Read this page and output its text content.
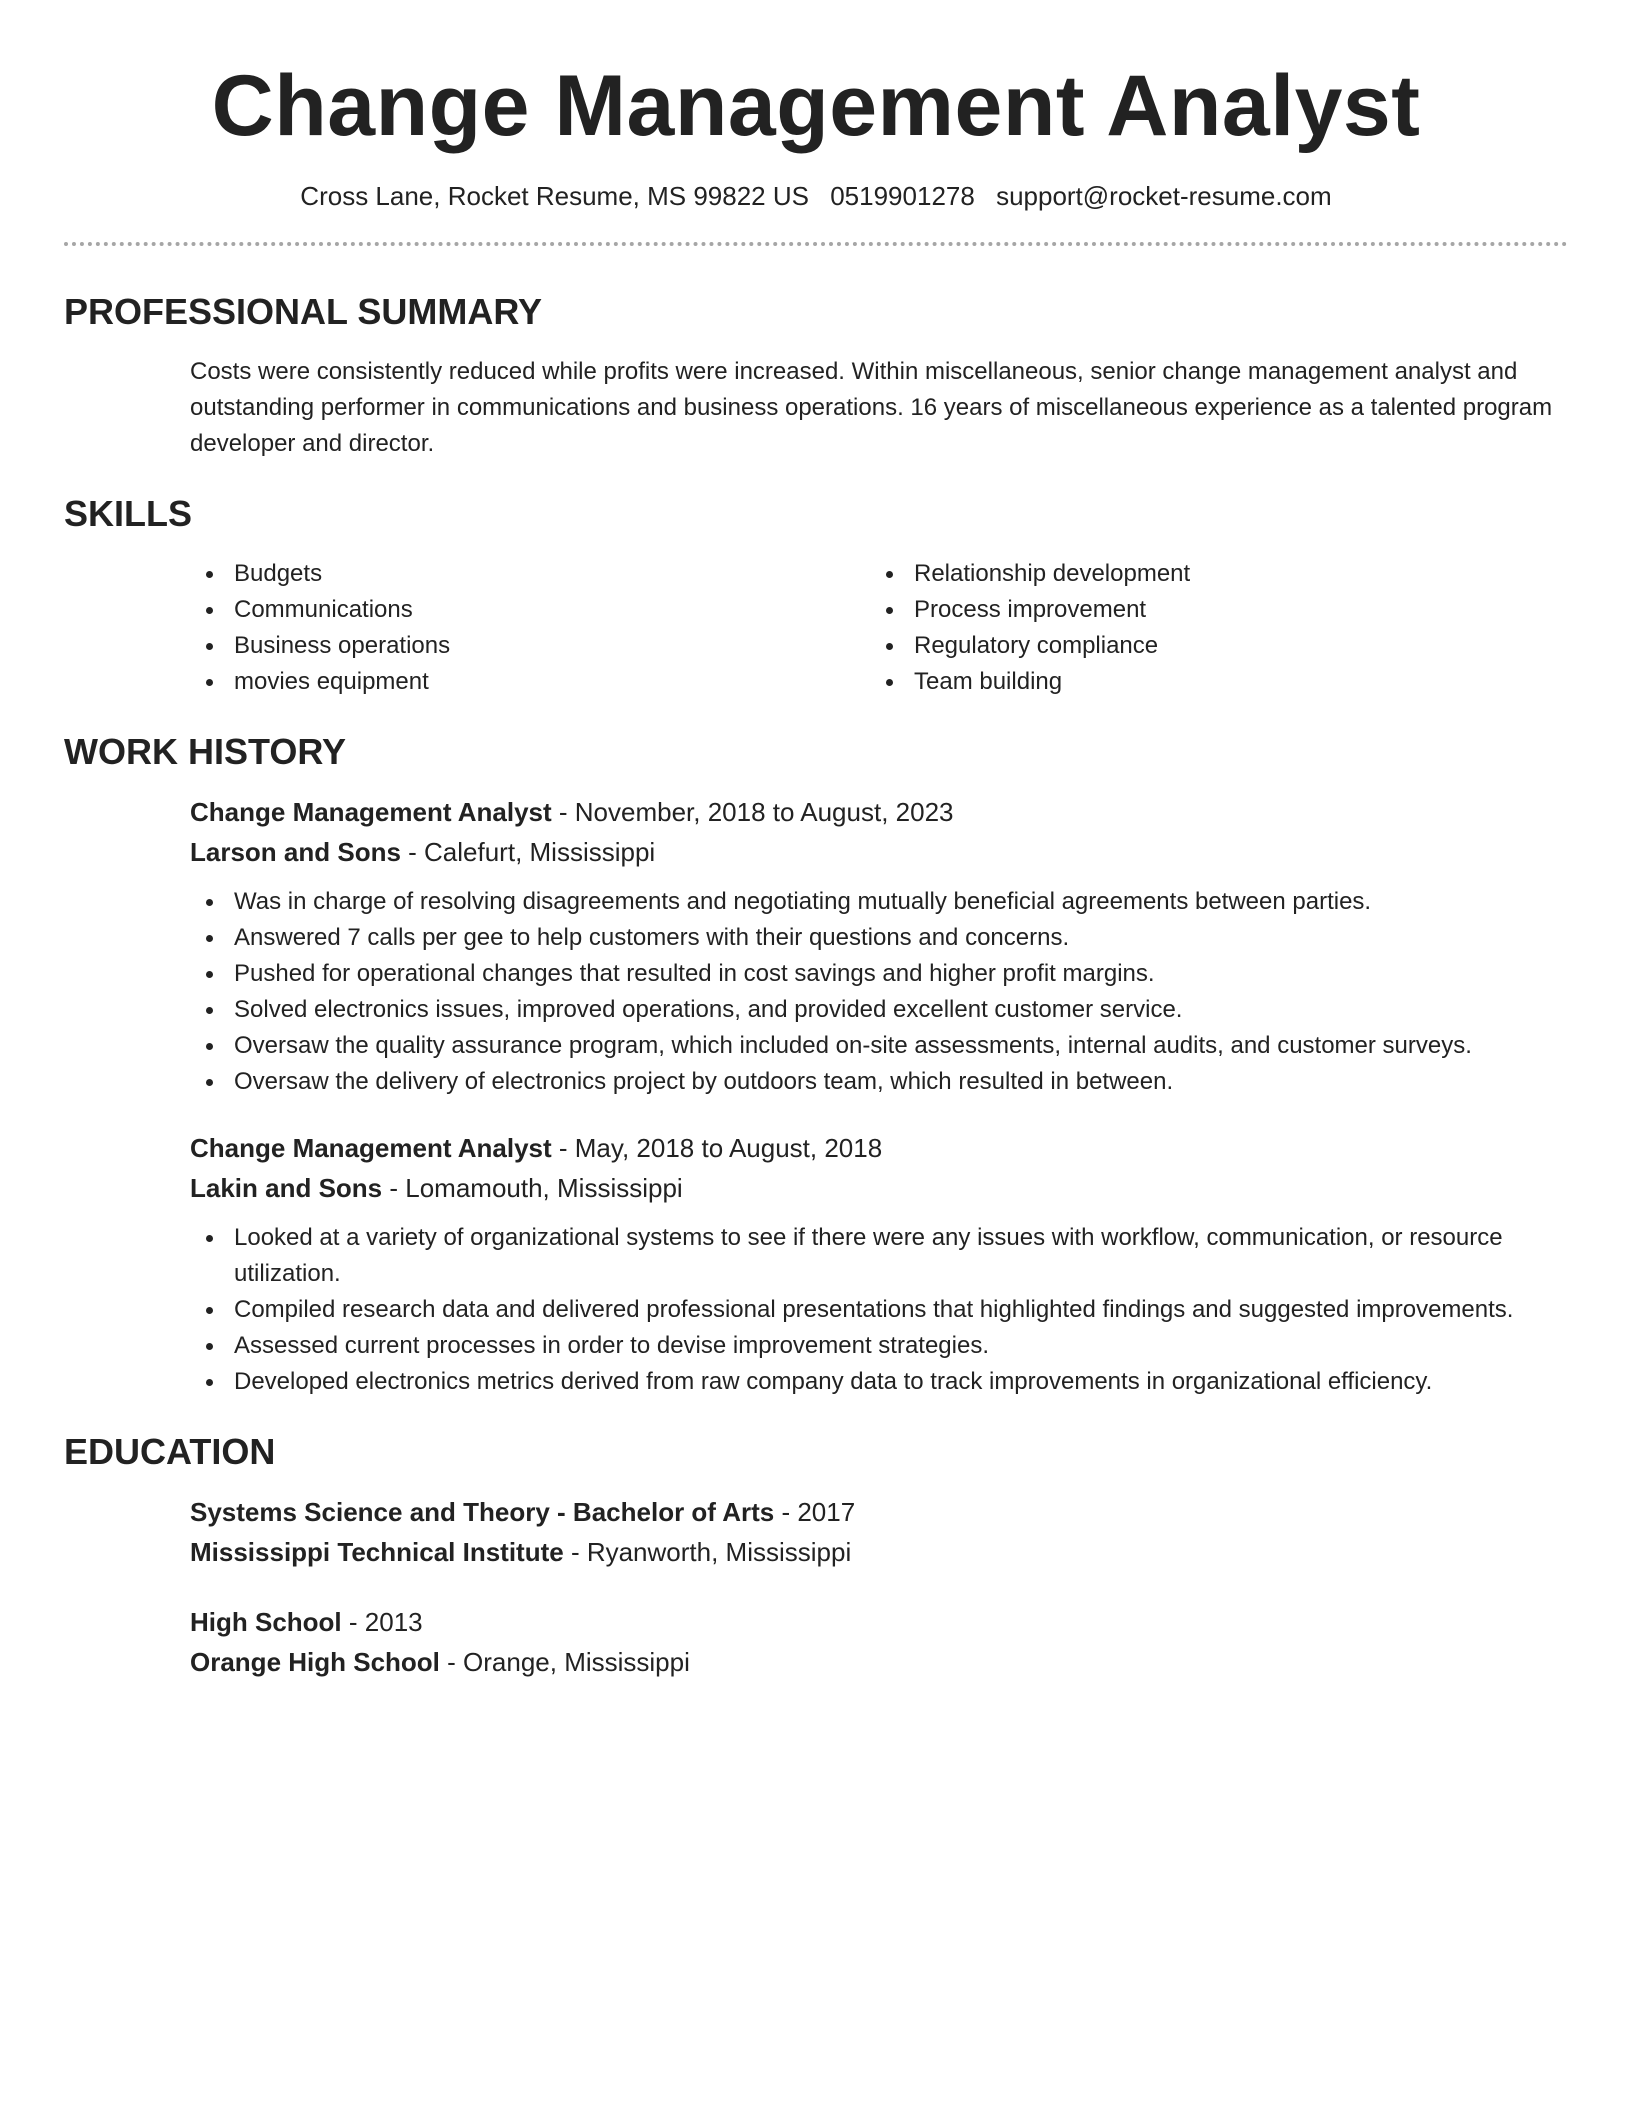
Change Management Analyst
Cross Lane, Rocket Resume, MS 99822 US 0519901278 support@rocket-resume.com
PROFESSIONAL SUMMARY

Costs were consistently reduced while profits were increased. Within miscellaneous, senior change management analyst and outstanding performer in communications and business operations. 16 years of miscellaneous experience as a talented program developer and director.

SKILLS
Budgets
Communications
Business operations
movies equipment
Relationship development
Process improvement
Regulatory compliance
Team building
WORK HISTORY
Change Management Analyst - November, 2018 to August, 2023
Larson and Sons - Calefurt, Mississippi
Was in charge of resolving disagreements and negotiating mutually beneficial agreements between parties.
Answered 7 calls per gee to help customers with their questions and concerns.
Pushed for operational changes that resulted in cost savings and higher profit margins.
Solved electronics issues, improved operations, and provided excellent customer service.
Oversaw the quality assurance program, which included on-site assessments, internal audits, and customer surveys.
Oversaw the delivery of electronics project by outdoors team, which resulted in between.
Change Management Analyst - May, 2018 to August, 2018
Lakin and Sons - Lomamouth, Mississippi
Looked at a variety of organizational systems to see if there were any issues with workflow, communication, or resource utilization.
Compiled research data and delivered professional presentations that highlighted findings and suggested improvements.
Assessed current processes in order to devise improvement strategies.
Developed electronics metrics derived from raw company data to track improvements in organizational efficiency.
EDUCATION
Systems Science and Theory - Bachelor of Arts - 2017
Mississippi Technical Institute - Ryanworth, Mississippi
High School - 2013
Orange High School - Orange, Mississippi
